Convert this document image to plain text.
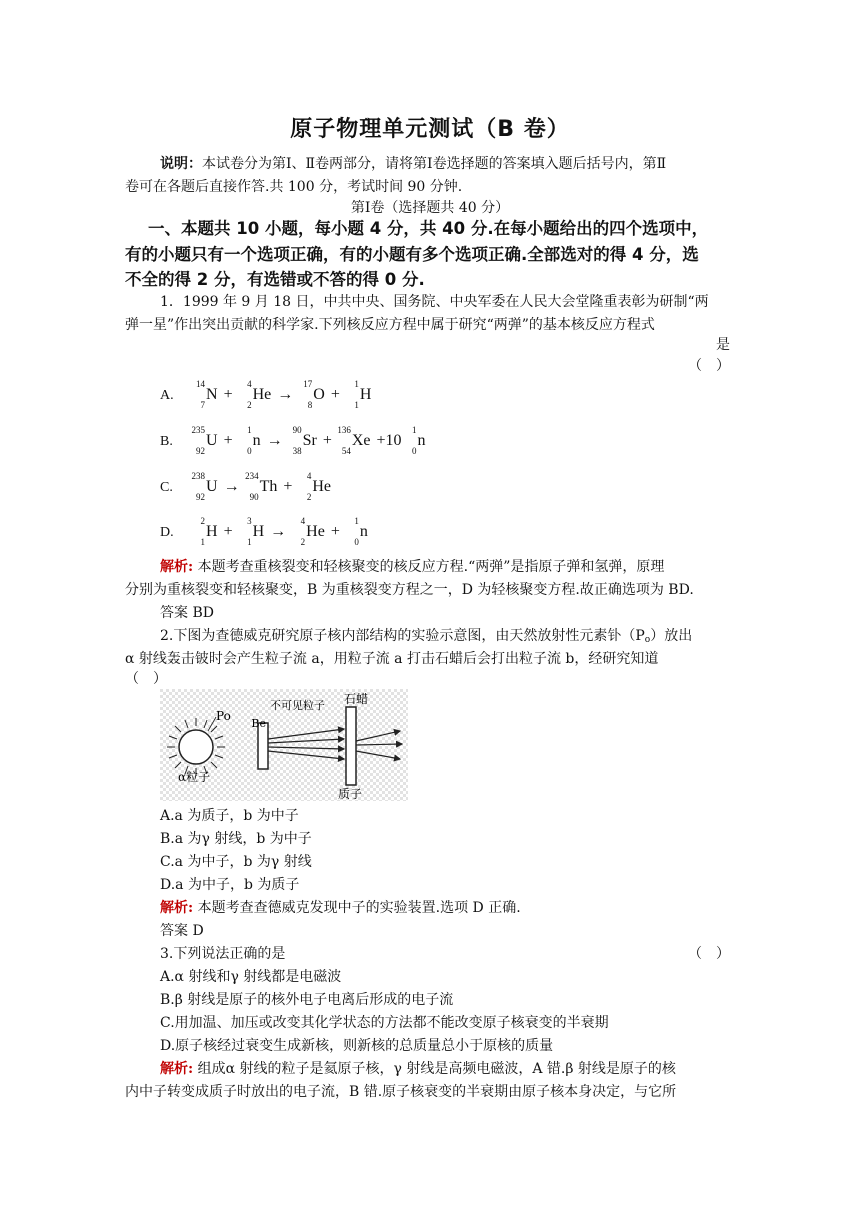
原子物理单元测试（B 卷）
说明：本试卷分为第Ⅰ、Ⅱ卷两部分，请将第Ⅰ卷选择题的答案填入题后括号内，第Ⅱ
卷可在各题后直接作答.共 100 分，考试时间 90 分钟.
第Ⅰ卷（选择题共 40 分）
一、本题共 10 小题，每小题 4 分，共 40 分.在每小题给出的四个选项中，
有的小题只有一个选项正确，有的小题有多个选项正确.全部选对的得 4 分，选
不全的得 2 分，有选错或不答的得 0 分.
1．1999 年 9 月 18 日，中共中央、国务院、中央军委在人民大会堂隆重表彰为研制“两
弹一星”作出突出贡献的科学家.下列核反应方程中属于研究“两弹”的基本核反应方程式
是
（　）
A.
14
7
N +
4
2
He →
17
8
O +
1
1
H
B.
235
92
U +
1
0
n →
90
38
Sr +
136
54
Xe +10
1
0
n
C.
238
92
U →
234
90
Th +
4
2
He
D.
2
1
H +
3
1
H →
4
2
He +
1
0
n
解析: 本题考查重核裂变和轻核聚变的核反应方程.“两弹”是指原子弹和氢弹，原理
分别为重核裂变和轻核聚变，B 为重核裂变方程之一，D 为轻核聚变方程.故正确选项为 BD.
答案 BD
2.下图为查德威克研究原子核内部结构的实验示意图，由天然放射性元素钋（Po）放出
α 射线轰击铍时会产生粒子流 a，用粒子流 a 打击石蜡后会打出粒子流 b，经研究知道
（　）
Po
α粒子
Be
不可见粒子 石蜡
质子
A.a 为质子，b 为中子
B.a 为γ 射线，b 为中子
C.a 为中子，b 为γ 射线
D.a 为中子，b 为质子
解析: 本题考查查德威克发现中子的实验装置.选项 D 正确.
答案 D
3.下列说法正确的是	（　）
A.α 射线和γ 射线都是电磁波
B.β 射线是原子的核外电子电离后形成的电子流
C.用加温、加压或改变其化学状态的方法都不能改变原子核衰变的半衰期
D.原子核经过衰变生成新核，则新核的总质量总小于原核的质量
解析: 组成α 射线的粒子是氦原子核，γ 射线是高频电磁波，A 错.β 射线是原子的核
内中子转变成质子时放出的电子流，B 错.原子核衰变的半衰期由原子核本身决定，与它所
